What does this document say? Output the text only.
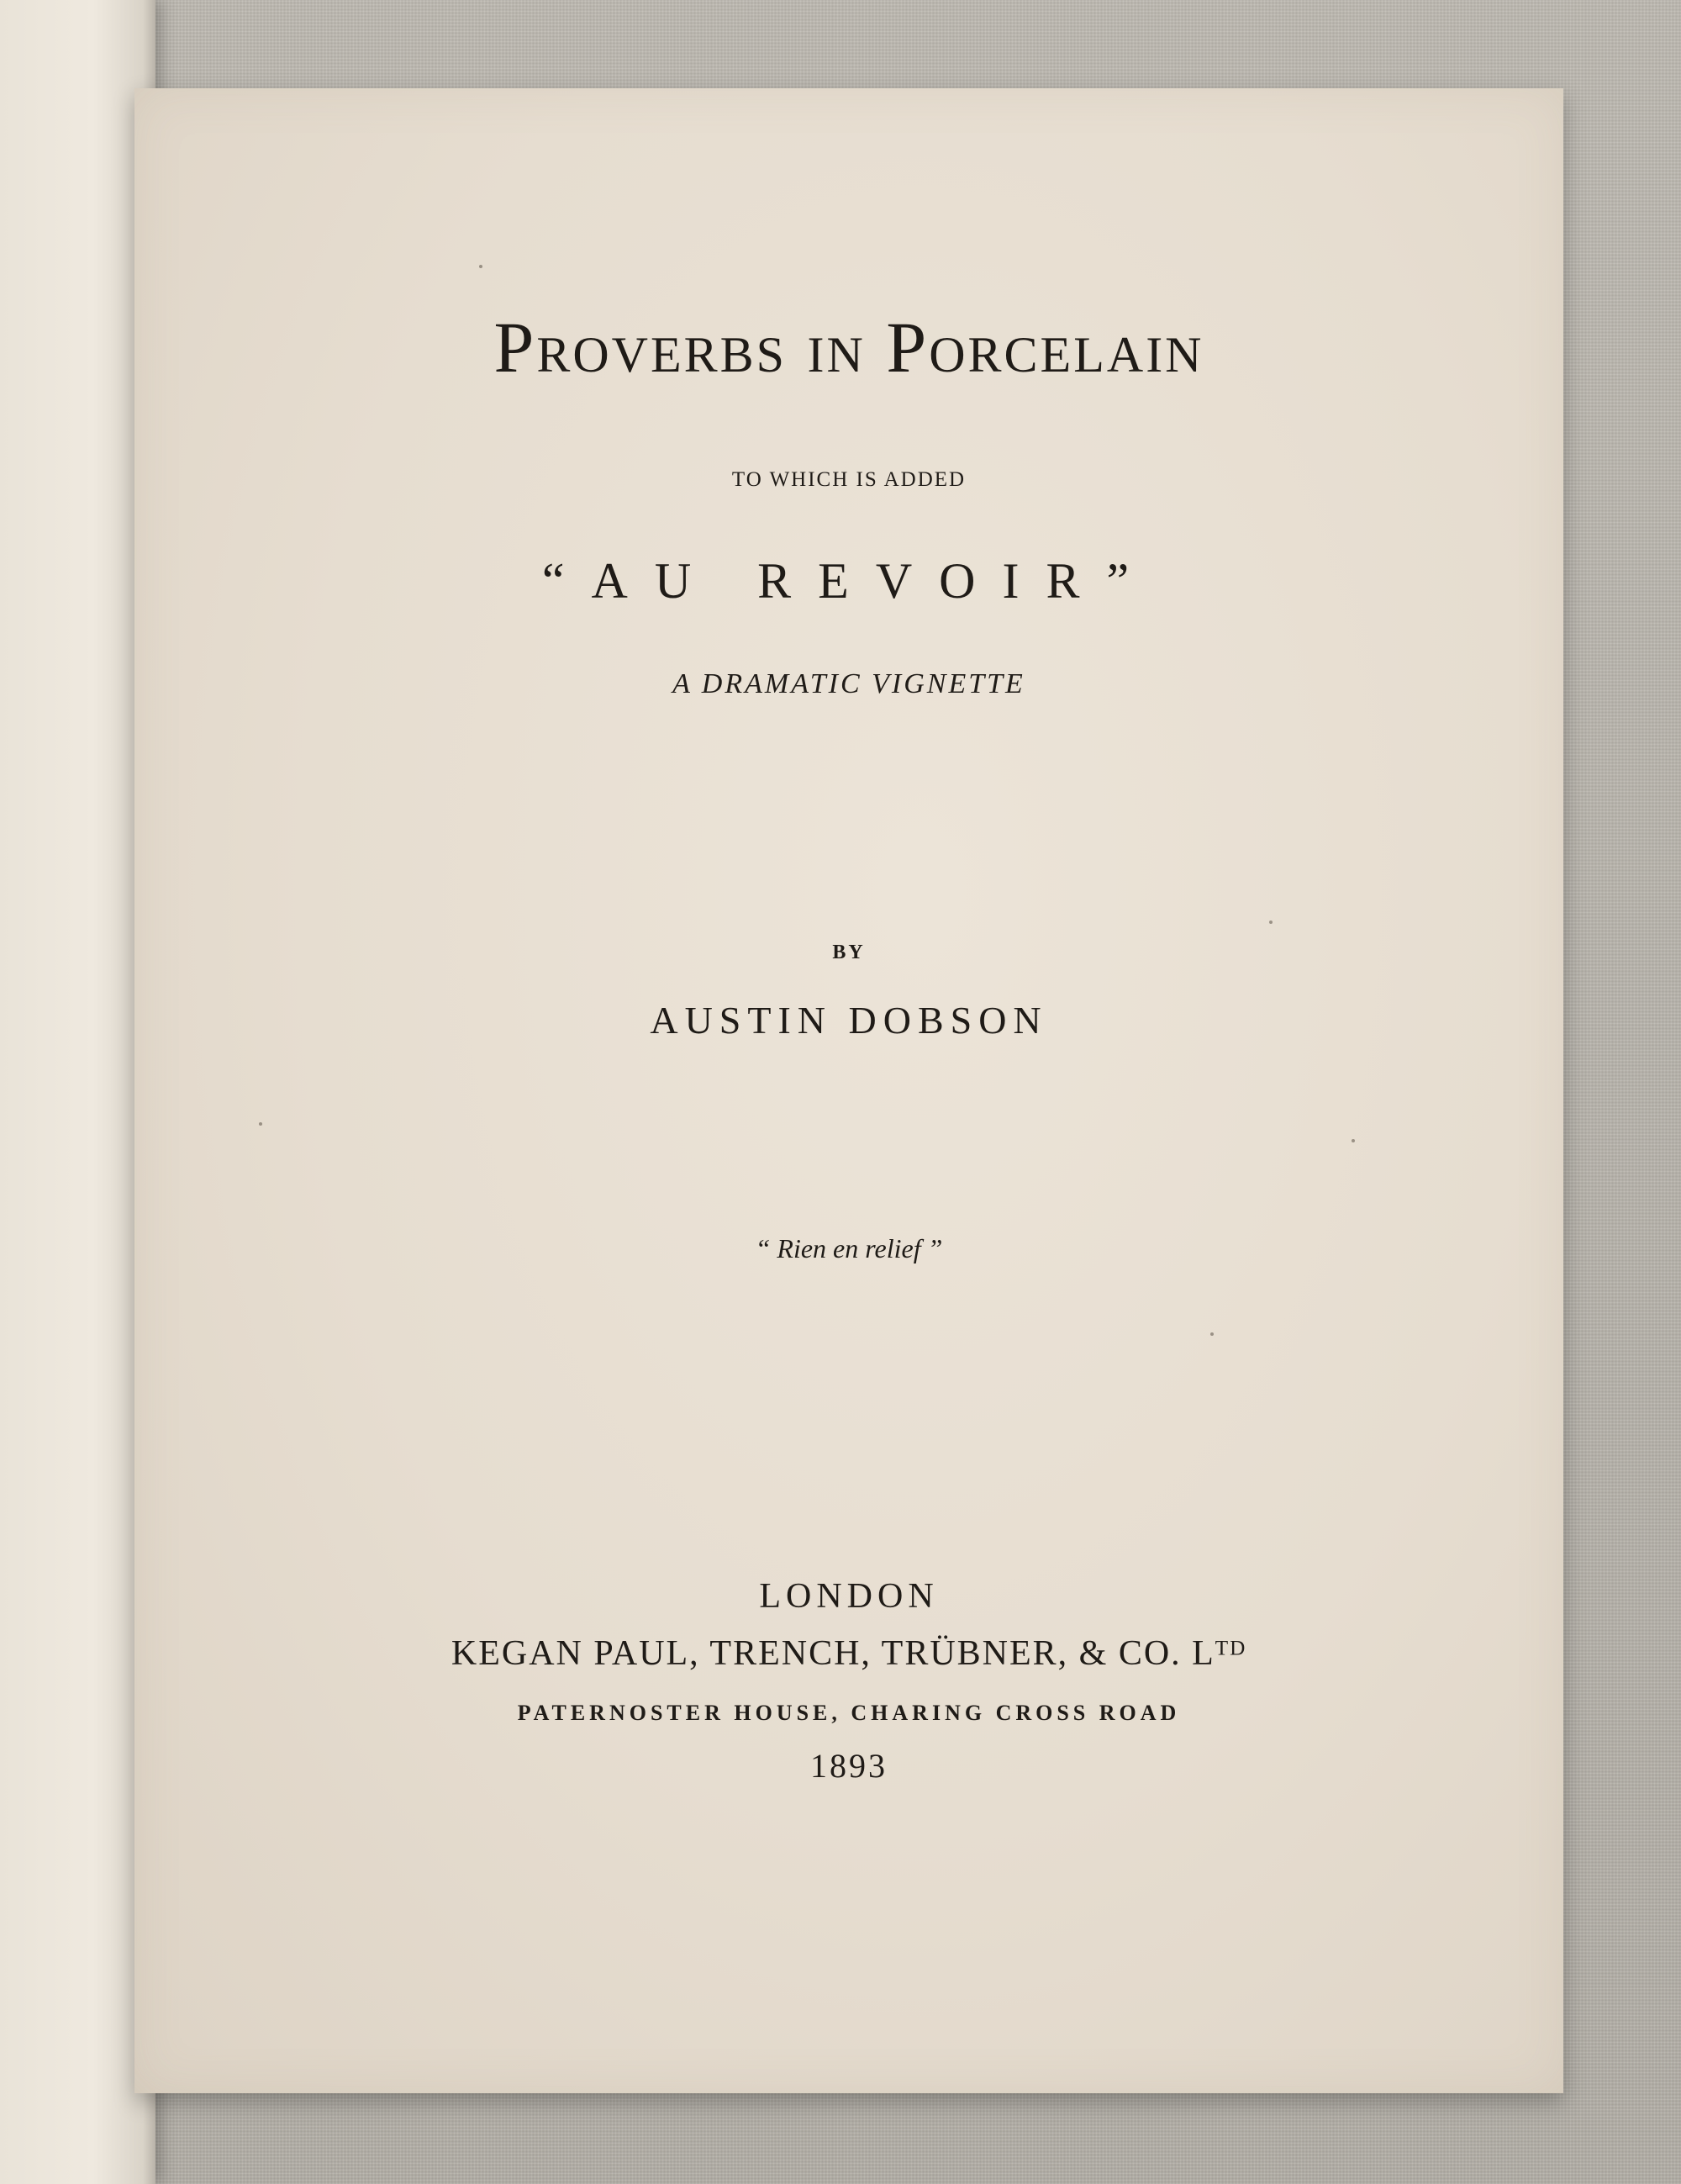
Proverbs in Porcelain
TO WHICH IS ADDED
“AU REVOIR”
A DRAMATIC VIGNETTE
BY
AUSTIN DOBSON
“ Rien en relief ”
LONDON
KEGAN PAUL, TRENCH, TRÜBNER, & CO. Lᵀᴰ
PATERNOSTER HOUSE, CHARING CROSS ROAD
1893
